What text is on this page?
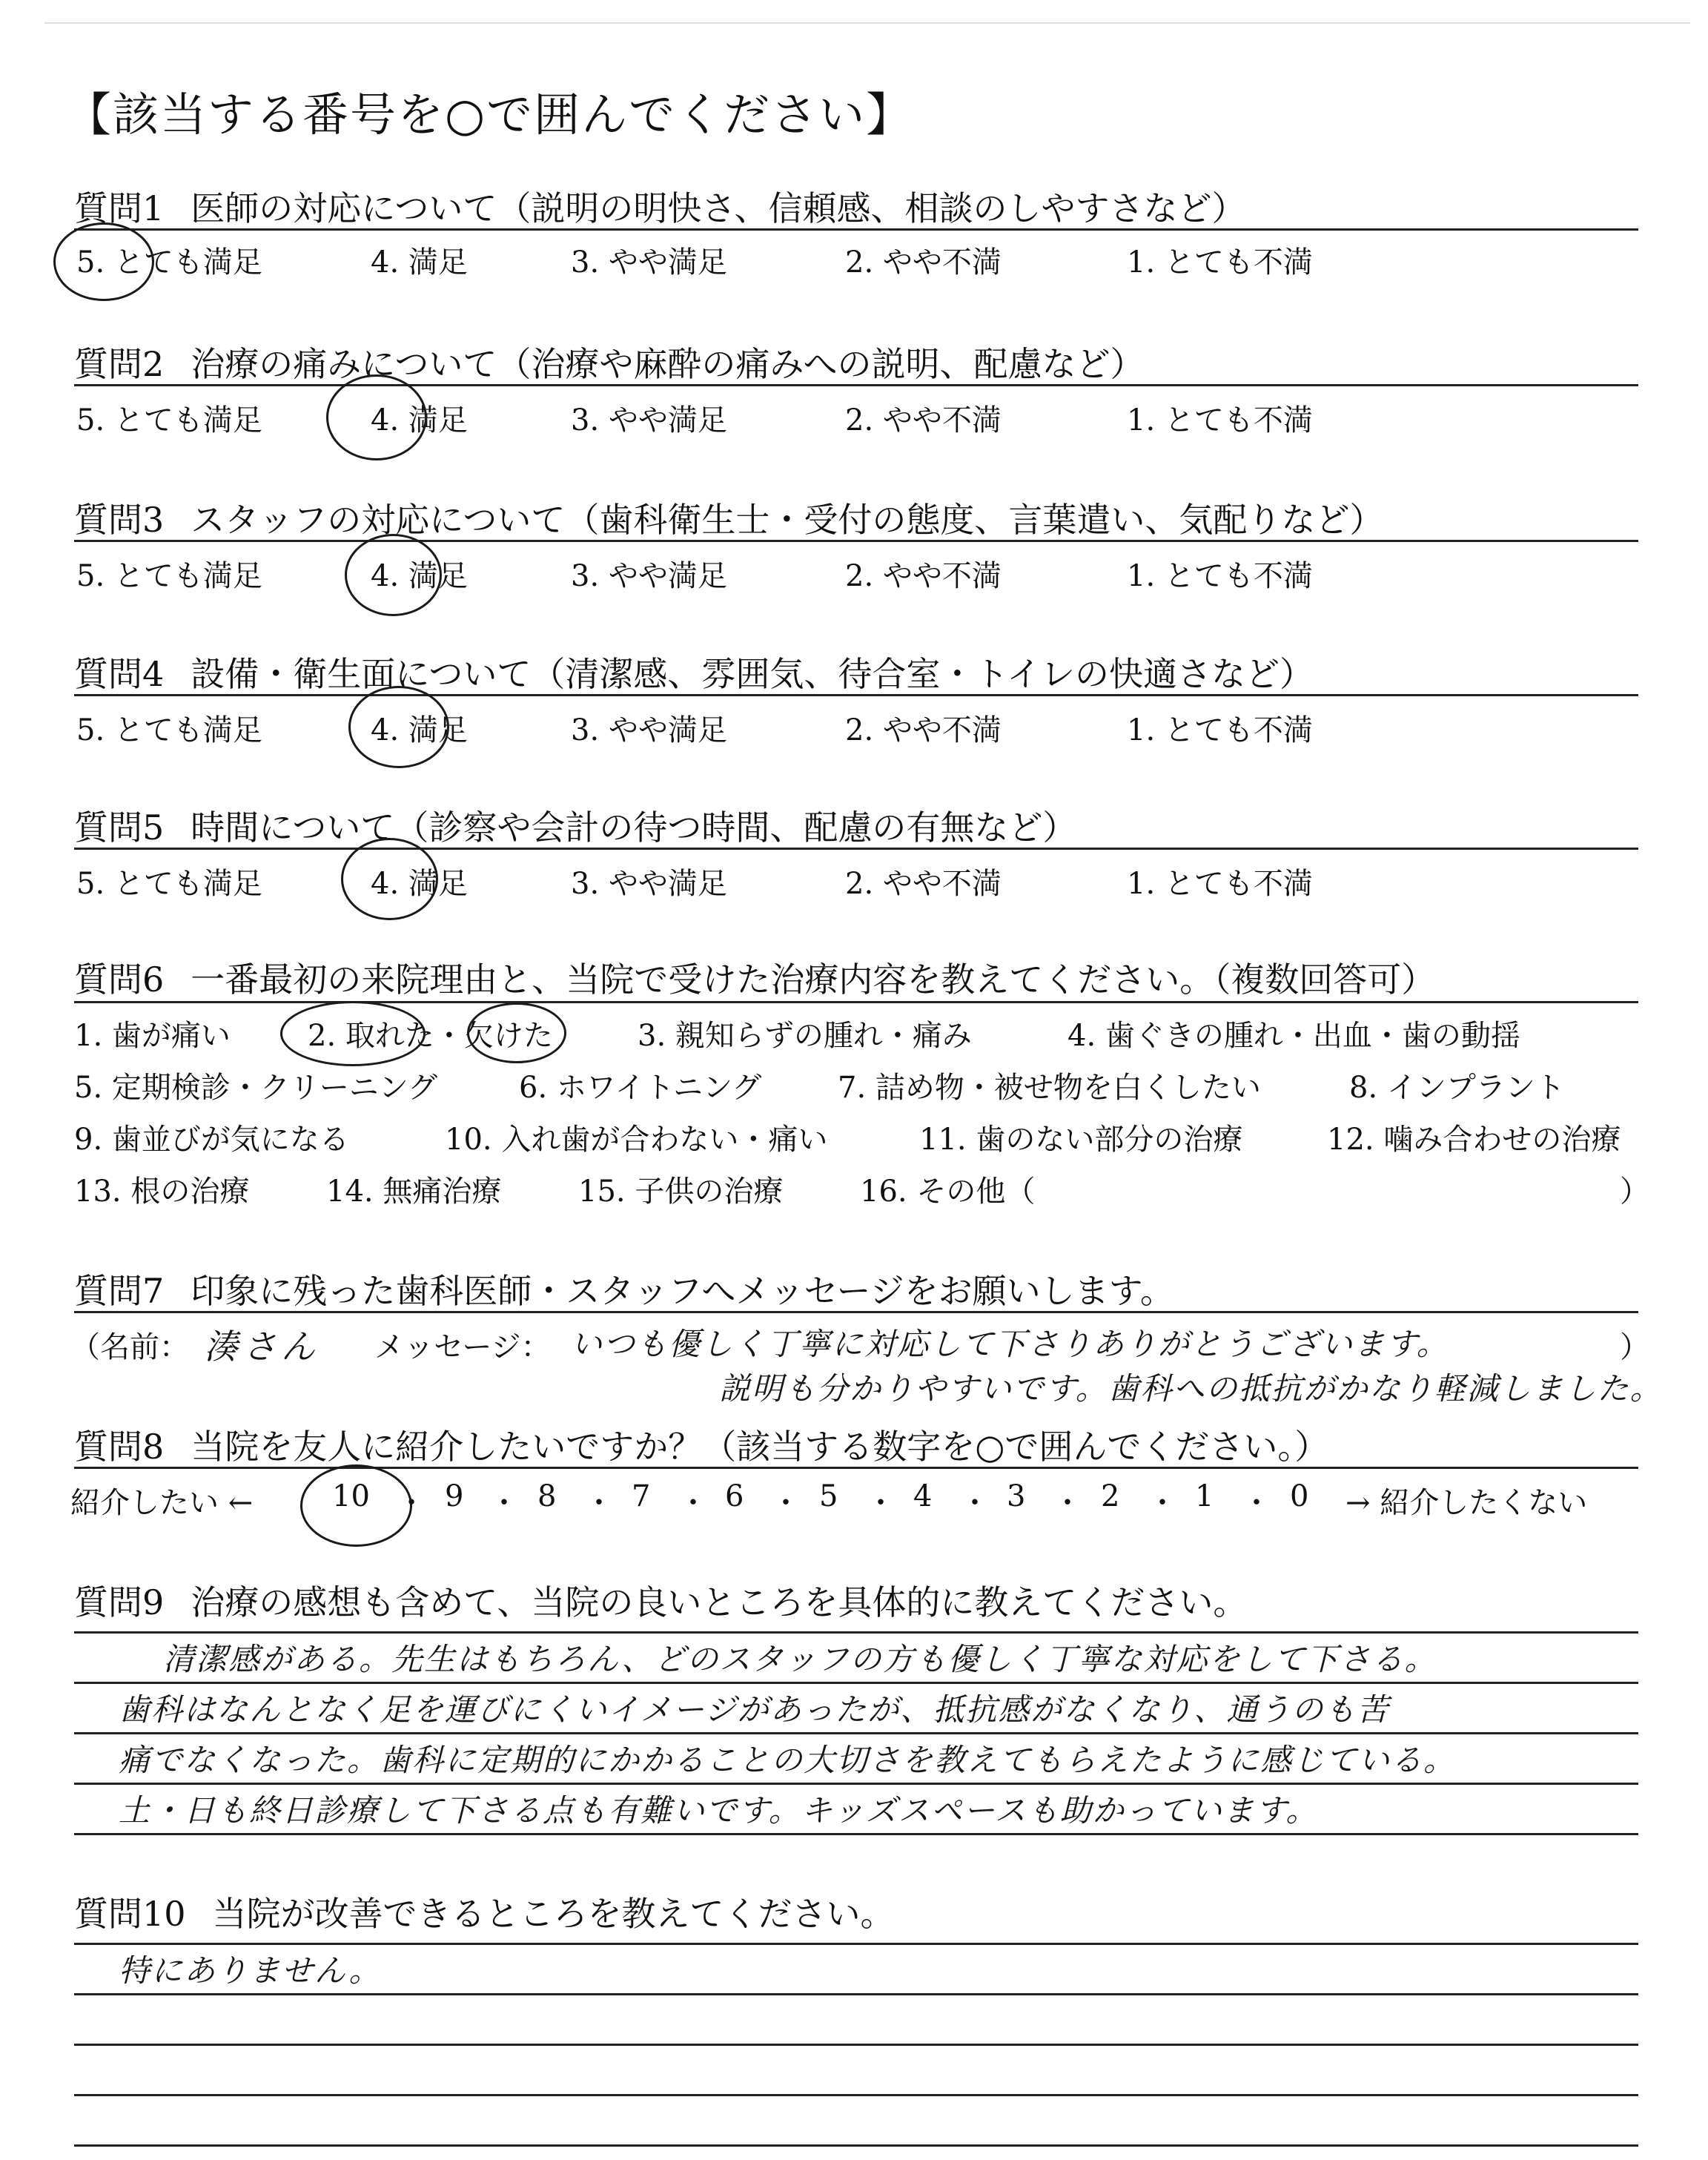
【該当する番号を○で囲んでください】
質問1 医師の対応について（説明の明快さ、信頼感、相談のしやすさなど）
5. とても満足	4. 満足	3. やや満足	2. やや不満	1. とても不満
質問2 治療の痛みについて（治療や麻酔の痛みへの説明、配慮など）
5. とても満足	4. 満足	3. やや満足	2. やや不満	1. とても不満
質問3 スタッフの対応について（歯科衛生士・受付の態度、言葉遣い、気配りなど）
5. とても満足	4. 満足	3. やや満足	2. やや不満	1. とても不満
質問4 設備・衛生面について（清潔感、雰囲気、待合室・トイレの快適さなど）
5. とても満足	4. 満足	3. やや満足	2. やや不満	1. とても不満
質問5 時間について（診察や会計の待つ時間、配慮の有無など）
5. とても満足	4. 満足	3. やや満足	2. やや不満	1. とても不満
質問6 一番最初の来院理由と、当院で受けた治療内容を教えてください。（複数回答可）
1. 歯が痛い	2. 取れた・欠けた	3. 親知らずの腫れ・痛み	4. 歯ぐきの腫れ・出血・歯の動揺
5. 定期検診・クリーニング	6. ホワイトニング	7. 詰め物・被せ物を白くしたい	8. インプラント
9. 歯並びが気になる	10. 入れ歯が合わない・痛い	11. 歯のない部分の治療	12. 噛み合わせの治療
13. 根の治療	14. 無痛治療	15. 子供の治療	16. その他（	）
質問7 印象に残った歯科医師・スタッフへメッセージをお願いします。
（名前： 湊さん メッセージ： いつも優しく丁寧に対応して下さりありがとうございます。
説明も分かりやすいです。歯科への抵抗がかなり軽減しました。
）
質問8 当院を友人に紹介したいですか？（該当する数字を○で囲んでください。）
紹介したい ←	10 ・ 9 ・ 8 ・ 7 ・ 6 ・ 5 ・ 4 ・ 3 ・ 2 ・ 1 ・ 0 → 紹介したくない
質問9 治療の感想も含めて、当院の良いところを具体的に教えてください。
清潔感がある。先生はもちろん、どのスタッフの方も優しく丁寧な対応をして下さる。
歯科はなんとなく足を運びにくいイメージがあったが、抵抗感がなくなり、通うのも苦
痛でなくなった。歯科に定期的にかかることの大切さを教えてもらえたように感じている。
土・日も終日診療して下さる点も有難いです。キッズスペースも助かっています。
質問10 当院が改善できるところを教えてください。
特にありません。
